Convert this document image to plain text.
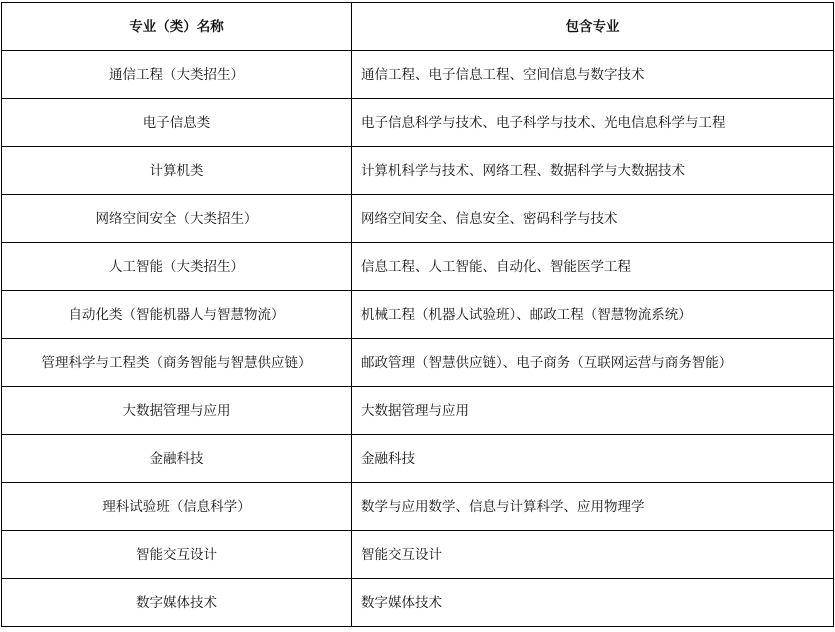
专业（类）名称	包含专业
通信工程（大类招生）	通信工程、电子信息工程、空间信息与数字技术
电子信息类	电子信息科学与技术、电子科学与技术、光电信息科学与工程
计算机类	计算机科学与技术、网络工程、数据科学与大数据技术
网络空间安全（大类招生）	网络空间安全、信息安全、密码科学与技术
人工智能（大类招生）	信息工程、人工智能、自动化、智能医学工程
自动化类（智能机器人与智慧物流）	机械工程（机器人试验班）、邮政工程（智慧物流系统）
管理科学与工程类（商务智能与智慧供应链）	邮政管理（智慧供应链）、电子商务（互联网运营与商务智能）
大数据管理与应用	大数据管理与应用
金融科技	金融科技
理科试验班（信息科学）	数学与应用数学、信息与计算科学、应用物理学
智能交互设计	智能交互设计
数字媒体技术	数字媒体技术
